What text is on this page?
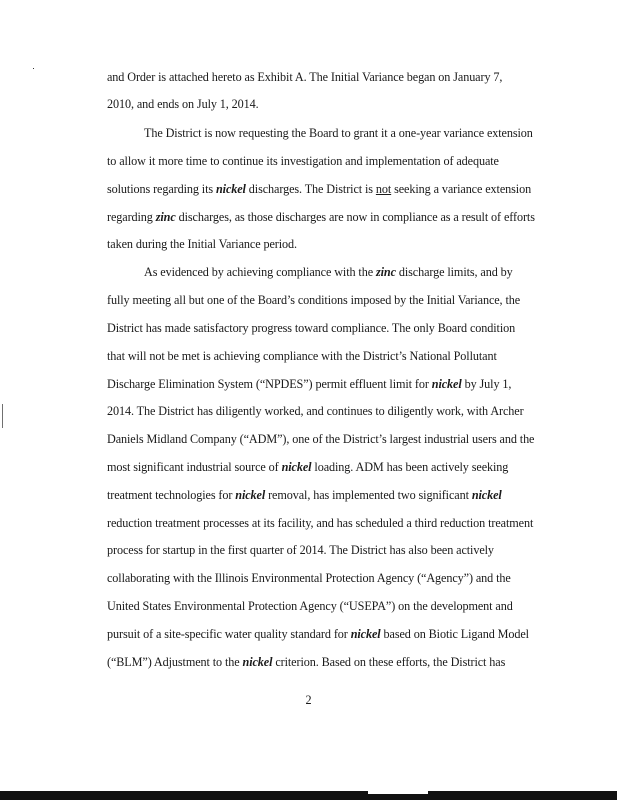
and Order is attached hereto as Exhibit A. The Initial Variance began on January 7,
2010, and ends on July 1, 2014.
The District is now requesting the Board to grant it a one-year variance extension
to allow it more time to continue its investigation and implementation of adequate
solutions regarding its nickel discharges. The District is not seeking a variance extension
regarding zinc discharges, as those discharges are now in compliance as a result of efforts
taken during the Initial Variance period.
As evidenced by achieving compliance with the zinc discharge limits, and by
fully meeting all but one of the Board’s conditions imposed by the Initial Variance, the
District has made satisfactory progress toward compliance. The only Board condition
that will not be met is achieving compliance with the District’s National Pollutant
Discharge Elimination System (“NPDES”) permit effluent limit for nickel by July 1,
2014. The District has diligently worked, and continues to diligently work, with Archer
Daniels Midland Company (“ADM”), one of the District’s largest industrial users and the
most significant industrial source of nickel loading. ADM has been actively seeking
treatment technologies for nickel removal, has implemented two significant nickel
reduction treatment processes at its facility, and has scheduled a third reduction treatment
process for startup in the first quarter of 2014. The District has also been actively
collaborating with the Illinois Environmental Protection Agency (“Agency”) and the
United States Environmental Protection Agency (“USEPA”) on the development and
pursuit of a site-specific water quality standard for nickel based on Biotic Ligand Model
(“BLM”) Adjustment to the nickel criterion. Based on these efforts, the District has
2
